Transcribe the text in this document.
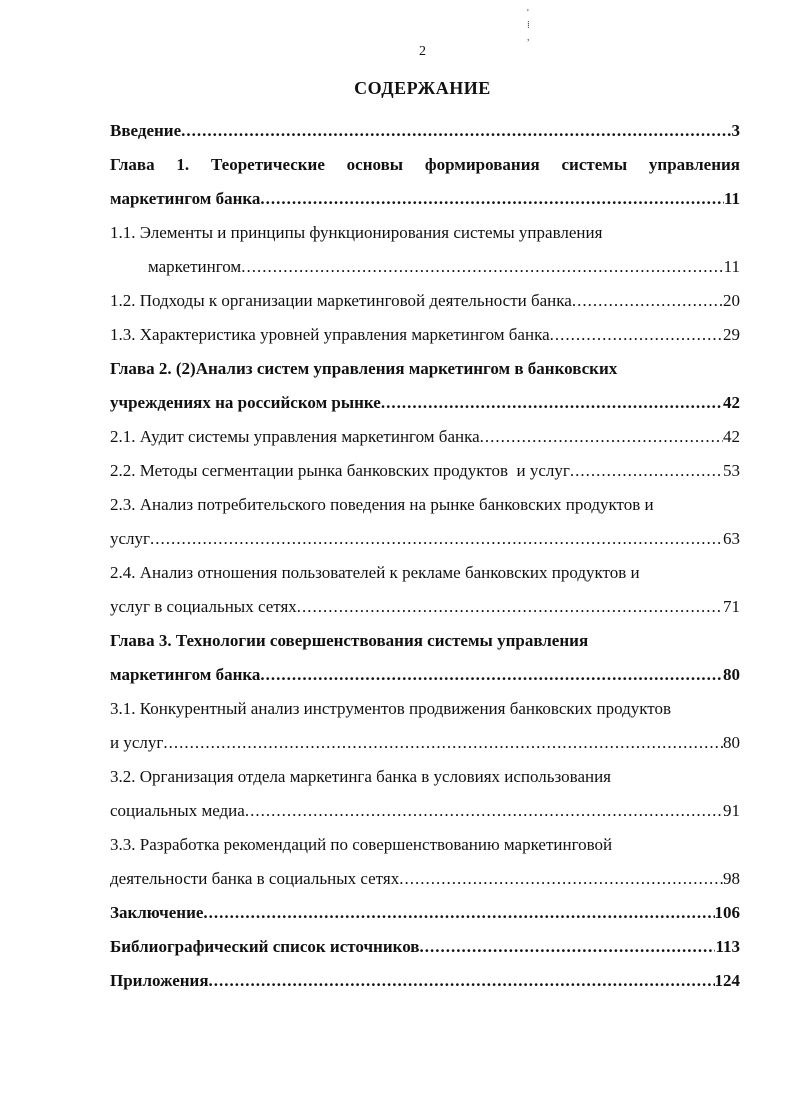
'
⁞
,
2
СОДЕРЖАНИЕ
Введение .....	3
Глава 1. Теоретические основы формирования системы управления
маркетингом банка .....	11
1.1. Элементы и принципы функционирования системы управления
маркетингом .....	11
1.2. Подходы к организации маркетинговой деятельности банка .....	20
1.3. Характеристика уровней управления маркетингом банка .....	29
Глава 2. (2)Анализ систем управления маркетингом в банковских
учреждениях на российском рынке .....	42
2.1. Аудит системы управления маркетингом банка .....	42
2.2. Методы сегментации рынка банковских продуктов  и услуг .....	53
2.3. Анализ потребительского поведения на рынке банковских продуктов и
услуг .....	63
2.4. Анализ отношения пользователей к рекламе банковских продуктов и
услуг в социальных сетях .....	71
Глава 3. Технологии совершенствования системы управления
маркетингом банка .....	80
3.1. Конкурентный анализ инструментов продвижения банковских продуктов
и услуг .....	80
3.2. Организация отдела маркетинга банка в условиях использования
социальных медиа .....	91
3.3. Разработка рекомендаций по совершенствованию маркетинговой
деятельности банка в социальных сетях .....	98
Заключение .....	106
Библиографический список источников .....	113
Приложения .....	124
